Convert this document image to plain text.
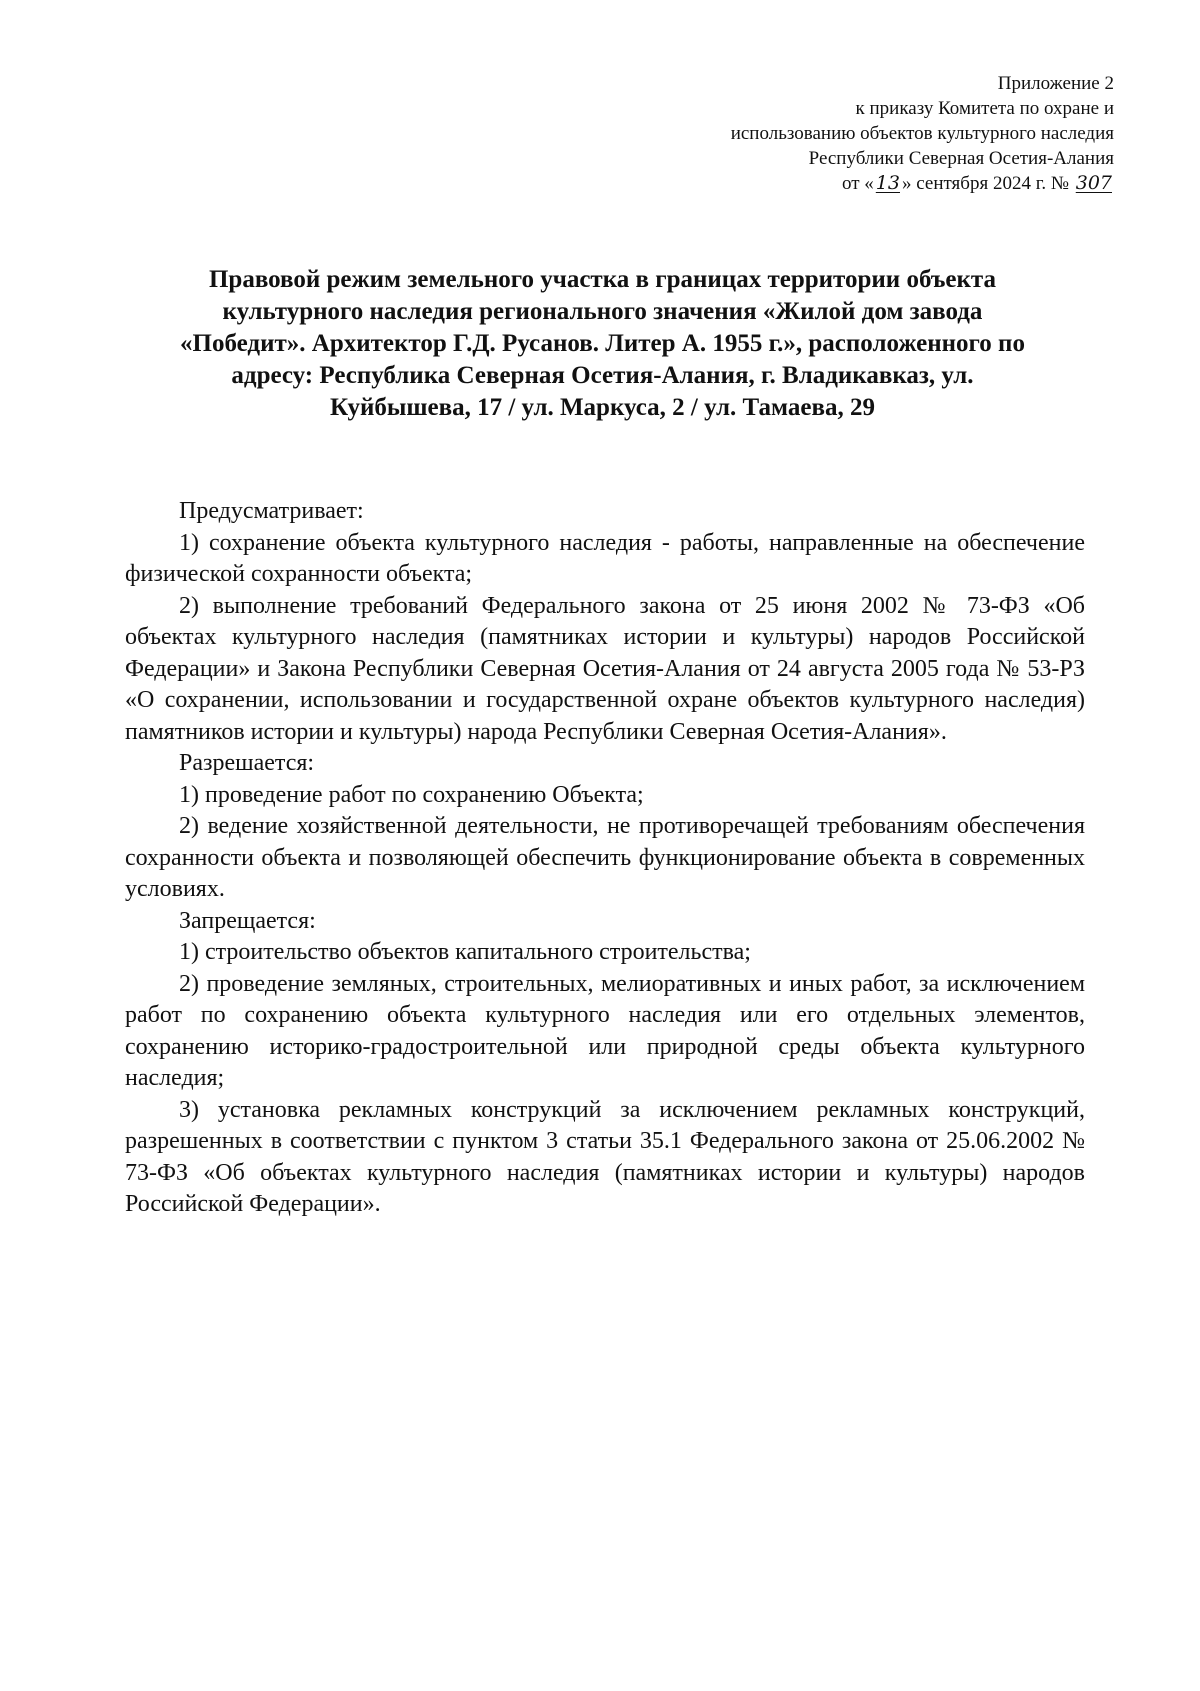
Приложение 2
к приказу Комитета по охране и
использованию объектов культурного наследия
Республики Северная Осетия-Алания
от « 13 » сентября 2024 г. № 307
Правовой режим земельного участка в границах территории объекта
культурного наследия регионального значения «Жилой дом завода
«Победит». Архитектор Г.Д. Русанов. Литер А. 1955 г.», расположенного по
адресу: Республика Северная Осетия-Алания, г. Владикавказ, ул.
Куйбышева, 17 / ул. Маркуса, 2 / ул. Тамаева, 29

Предусматривает:

1) сохранение объекта культурного наследия - работы, направленные на обеспечение физической сохранности объекта;

2) выполнение требований Федерального закона от 25 июня 2002 № 73-ФЗ «Об объектах культурного наследия (памятниках истории и культуры) народов Российской Федерации» и Закона Республики Северная Осетия-Алания от 24 августа 2005 года № 53-РЗ «О сохранении, использовании и государственной охране объектов культурного наследия) памятников истории и культуры) народа Республики Северная Осетия-Алания».

Разрешается:

1) проведение работ по сохранению Объекта;

2) ведение хозяйственной деятельности, не противоречащей требованиям обеспечения сохранности объекта и позволяющей обеспечить функционирование объекта в современных условиях.

Запрещается:

1) строительство объектов капитального строительства;

2) проведение земляных, строительных, мелиоративных и иных работ, за исключением работ по сохранению объекта культурного наследия или его отдельных элементов, сохранению историко-градостроительной или природной среды объекта культурного наследия;

3) установка рекламных конструкций за исключением рекламных конструкций, разрешенных в соответствии с пунктом 3 статьи 35.1 Федерального закона от 25.06.2002 № 73-ФЗ «Об объектах культурного наследия (памятниках истории и культуры) народов Российской Федерации».
